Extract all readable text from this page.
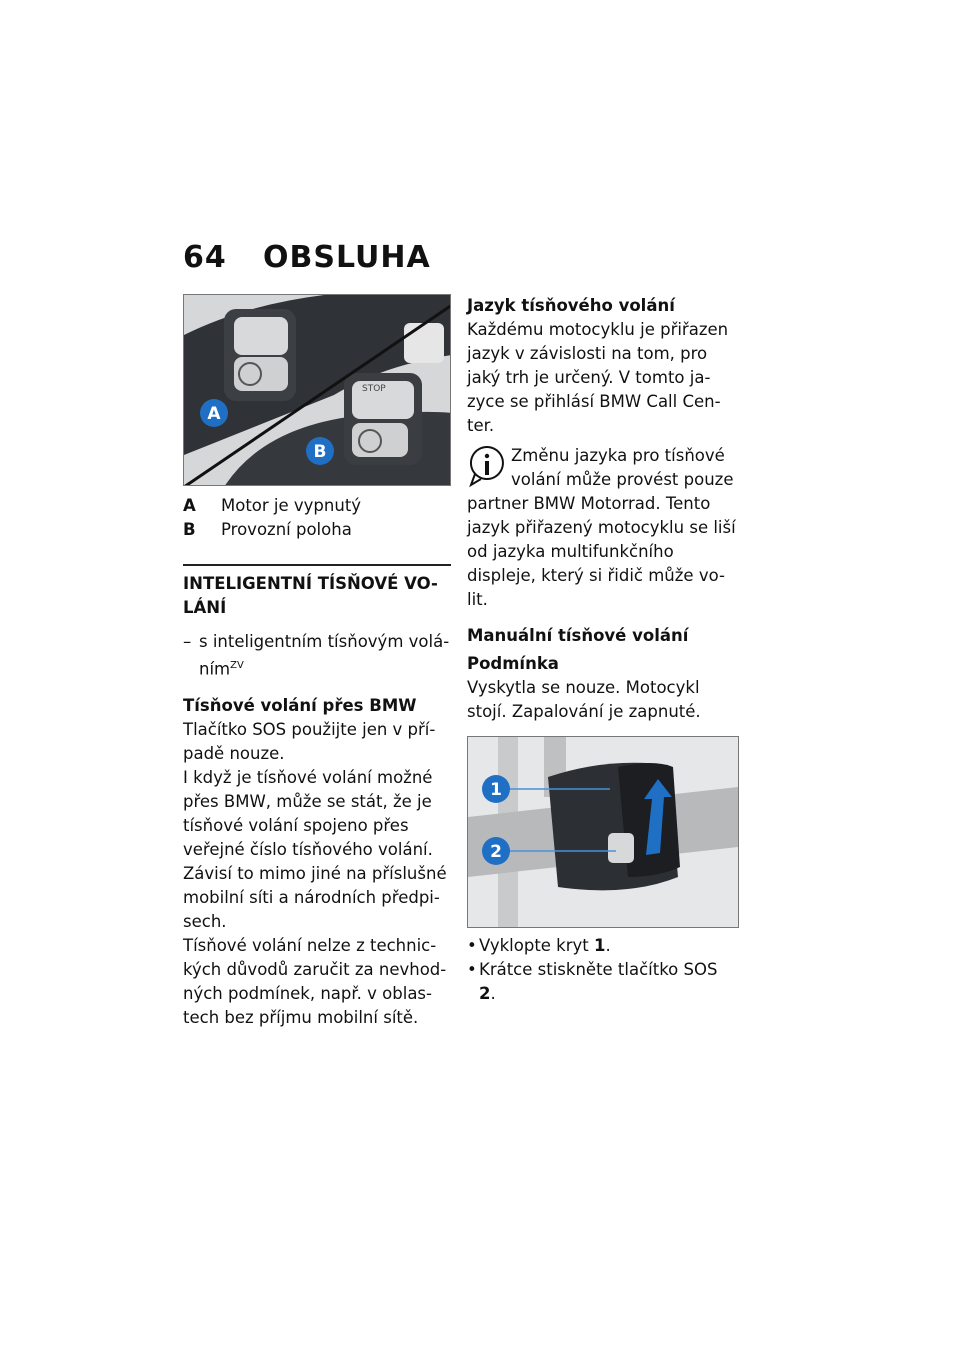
64 OBSLUHA
STOP
A
B
A	Motor je vypnutý
B	Provozní poloha
INTELIGENTNÍ TÍSŇOVÉ VO-LÁNÍ
– s inteligentním tísňovým volá-ním$^{ZV}$
Tísňové volání přes BMW

Tlačítko SOS použijte jen v pří-padě nouze.

I když je tísňové volání možné přes BMW, může se stát, že je tísňové volání spojeno přes veřejné číslo tísňového volání. Závisí to mimo jiné na příslušné mobilní síti a národních předpi-sech.

Tísňové volání nelze z technic-kých důvodů zaručit za nevhod-ných podmínek, např. v oblas-tech bez příjmu mobilní sítě.

Jazyk tísňového volání

Každému motocyklu je přiřazen jazyk v závislosti na tom, pro jaký trh je určený. V tomto ja-zyce se přihlásí BMW Call Cen-ter.

Změnu jazyka pro tísňové volání může provést pouze

partner BMW Motorrad. Tento jazyk přiřazený motocyklu se liší od jazyka multifunkčního displeje, který si řidič může vo-lit.

Manuální tísňové volání
Podmínka

Vyskytla se nouze. Motocykl stojí. Zapalování je zapnuté.

1
2
• Vyklopte kryt 1.
• Krátce stiskněte tlačítko SOS 2.
